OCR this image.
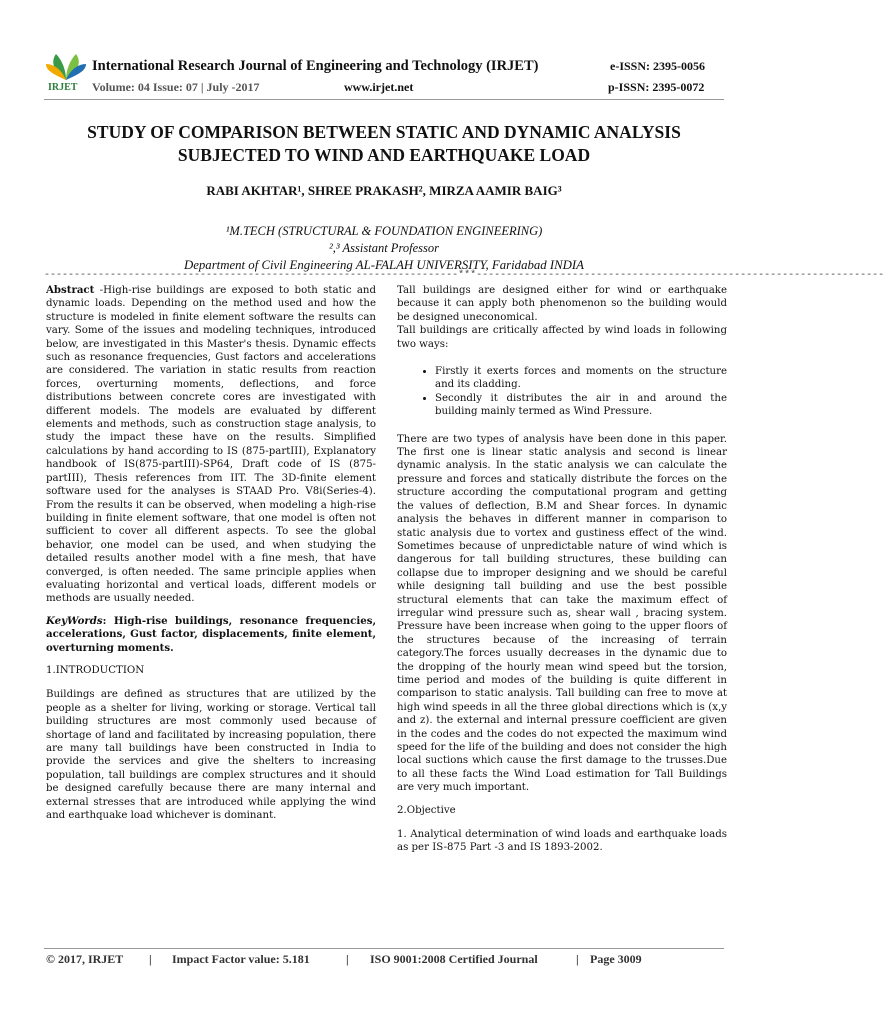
IRJET
International Research Journal of Engineering and Technology (IRJET)	e-ISSN: 2395-0056
Volume: 04 Issue: 07 | July -2017	www.irjet.net	p-ISSN: 2395-0072
STUDY OF COMPARISON BETWEEN STATIC AND DYNAMIC ANALYSIS
SUBJECTED TO WIND AND EARTHQUAKE LOAD
RABI AKHTAR¹, SHREE PRAKASH², MIRZA AAMIR BAIG³
¹M.TECH (STRUCTURAL & FOUNDATION ENGINEERING)
²,³ Assistant Professor
Department of Civil Engineering AL-FALAH UNIVERSITY, Faridabad INDIA
---------------------------------------------------------------------***--------------------------------------------------------------------

Abstract -High-rise buildings are exposed to both static and dynamic loads. Depending on the method used and how the structure is modeled in finite element software the results can vary. Some of the issues and modeling techniques, introduced below, are investigated in this Master's thesis. Dynamic effects such as resonance frequencies, Gust factors and accelerations are considered. The variation in static results from reaction forces, overturning moments, deflections, and force distributions between concrete cores are investigated with different models. The models are evaluated by different elements and methods, such as construction stage analysis, to study the impact these have on the results. Simplified calculations by hand according to IS (875-partIII), Explanatory handbook of IS(875-partIII)-SP64, Draft code of IS (875-partIII), Thesis references from IIT. The 3D-finite element software used for the analyses is STAAD Pro. V8i(Series-4). From the results it can be observed, when modeling a high-rise building in finite element software, that one model is often not sufficient to cover all different aspects. To see the global behavior, one model can be used, and when studying the detailed results another model with a fine mesh, that have converged, is often needed. The same principle applies when evaluating horizontal and vertical loads, different models or methods are usually needed.

KeyWords: High-rise buildings, resonance frequencies, accelerations, Gust factor, displacements, finite element, overturning moments.

1.INTRODUCTION

Buildings are defined as structures that are utilized by the people as a shelter for living, working or storage. Vertical tall building structures are most commonly used because of shortage of land and facilitated by increasing population, there are many tall buildings have been constructed in India to provide the services and give the shelters to increasing population, tall buildings are complex structures and it should be designed carefully because there are many internal and external stresses that are introduced while applying the wind and earthquake load whichever is dominant.

Tall buildings are designed either for wind or earthquake because it can apply both phenomenon so the building would be designed uneconomical.

Tall buildings are critically affected by wind loads in following two ways:

• Firstly it exerts forces and moments on the structure and its cladding.
• Secondly it distributes the air in and around the building mainly termed as Wind Pressure.

There are two types of analysis have been done in this paper. The first one is linear static analysis and second is linear dynamic analysis. In the static analysis we can calculate the pressure and forces and statically distribute the forces on the structure according the computational program and getting the values of deflection, B.M and Shear forces. In dynamic analysis the behaves in different manner in comparison to static analysis due to vortex and gustiness effect of the wind. Sometimes because of unpredictable nature of wind which is dangerous for tall building structures, these building can collapse due to improper designing and we should be careful while designing tall building and use the best possible structural elements that can take the maximum effect of irregular wind pressure such as, shear wall , bracing system. Pressure have been increase when going to the upper floors of the structures because of the increasing of terrain category.The forces usually decreases in the dynamic due to the dropping of the hourly mean wind speed but the torsion, time period and modes of the building is quite different in comparison to static analysis. Tall building can free to move at high wind speeds in all the three global directions which is (x,y and z). the external and internal pressure coefficient are given in the codes and the codes do not expected the maximum wind speed for the life of the building and does not consider the high local suctions which cause the first damage to the trusses.Due to all these facts the Wind Load estimation for Tall Buildings are very much important.

2.Objective

1. Analytical determination of wind loads and earthquake loads as per IS-875 Part -3 and IS 1893-2002.

© 2017, IRJET | Impact Factor value: 5.181	| ISO 9001:2008 Certified Journal	| Page 3009
